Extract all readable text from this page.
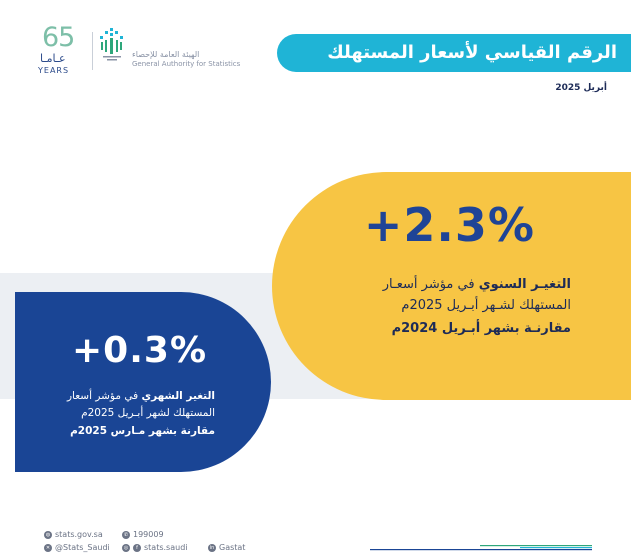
65
عـامـا
YEARS
الهيئة العامة للإحصاء
General Authority for Statistics
الرقم القياسي لأسعار المستهلك
أبريل 2025
+2.3%
التغيـر السنوي في مؤشر أسعـار
المستهلك لشـهر أبـريل 2025م
مقارنـة بشهر أبـريل 2024م
+0.3%
التغير الشهري في مؤشر أسعار
المستهلك لشهر أبـريل 2025م
مقارنة بشهر مـارس 2025م
◍ stats.gov.sa	✆ 199009
✕ @Stats_Saudi	◎	f stats.saudi	in Gastat
